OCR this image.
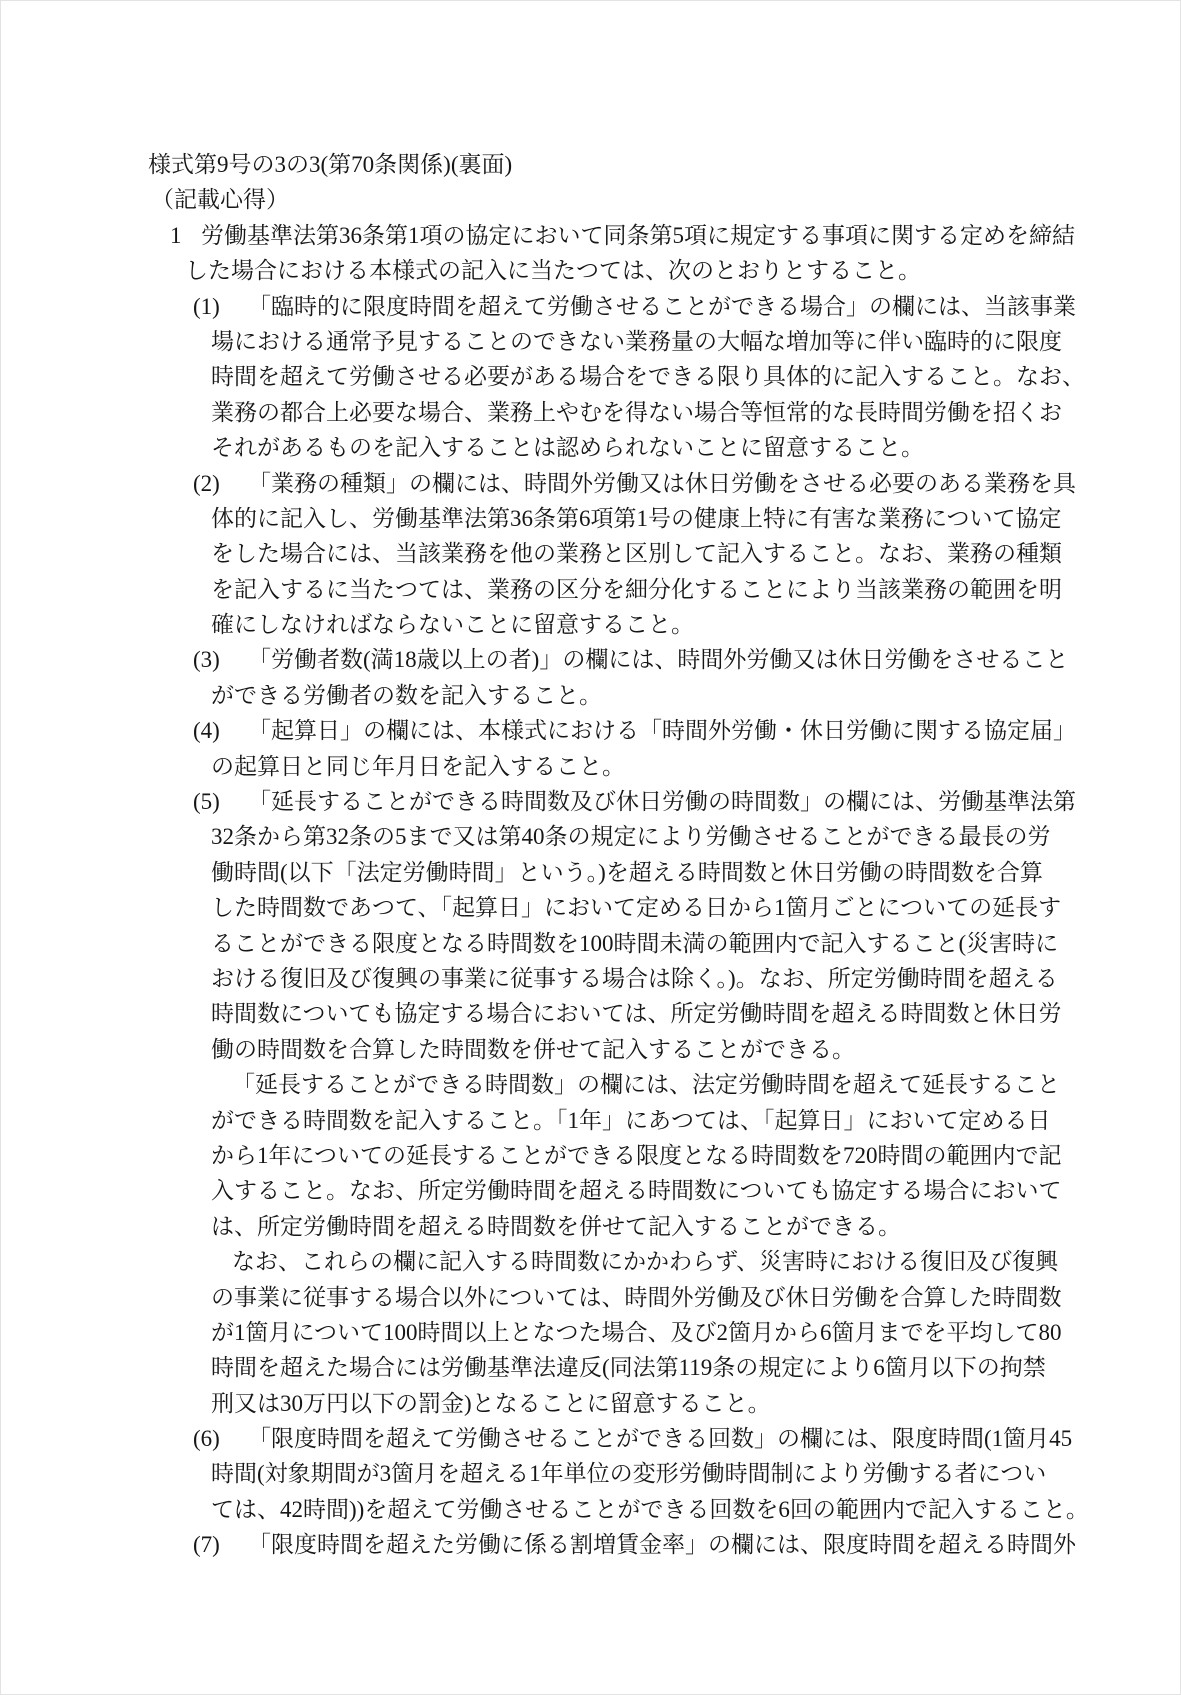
様式第9号の3の3(第70条関係)(裏面)
（記載心得）
1 労働基準法第36条第1項の協定において同条第5項に規定する事項に関する定めを締結
した場合における本様式の記入に当たつては、次のとおりとすること。
(1)	「臨時的に限度時間を超えて労働させることができる場合」の欄には、当該事業
場における通常予見することのできない業務量の大幅な増加等に伴い臨時的に限度
時間を超えて労働させる必要がある場合をできる限り具体的に記入すること。なお、
業務の都合上必要な場合、業務上やむを得ない場合等恒常的な長時間労働を招くお
それがあるものを記入することは認められないことに留意すること。
(2)	「業務の種類」の欄には、時間外労働又は休日労働をさせる必要のある業務を具
体的に記入し、労働基準法第36条第6項第1号の健康上特に有害な業務について協定
をした場合には、当該業務を他の業務と区別して記入すること。なお、業務の種類
を記入するに当たつては、業務の区分を細分化することにより当該業務の範囲を明
確にしなければならないことに留意すること。
(3)	「労働者数(満18歳以上の者)」の欄には、時間外労働又は休日労働をさせること
ができる労働者の数を記入すること。
(4)	「起算日」の欄には、本様式における「時間外労働・休日労働に関する協定届」
の起算日と同じ年月日を記入すること。
(5)	「延長することができる時間数及び休日労働の時間数」の欄には、労働基準法第
32条から第32条の5まで又は第40条の規定により労働させることができる最長の労
働時間(以下「法定労働時間」という。)を超える時間数と休日労働の時間数を合算
した時間数であつて、「起算日」において定める日から1箇月ごとについての延長す
ることができる限度となる時間数を100時間未満の範囲内で記入すること(災害時に
おける復旧及び復興の事業に従事する場合は除く。)。なお、所定労働時間を超える
時間数についても協定する場合においては、所定労働時間を超える時間数と休日労
働の時間数を合算した時間数を併せて記入することができる。
「延長することができる時間数」の欄には、法定労働時間を超えて延長すること
ができる時間数を記入すること。「1年」にあつては、「起算日」において定める日
から1年についての延長することができる限度となる時間数を720時間の範囲内で記
入すること。なお、所定労働時間を超える時間数についても協定する場合において
は、所定労働時間を超える時間数を併せて記入することができる。
なお、これらの欄に記入する時間数にかかわらず、災害時における復旧及び復興
の事業に従事する場合以外については、時間外労働及び休日労働を合算した時間数
が1箇月について100時間以上となつた場合、及び2箇月から6箇月までを平均して80
時間を超えた場合には労働基準法違反(同法第119条の規定により6箇月以下の拘禁
刑又は30万円以下の罰金)となることに留意すること。
(6)	「限度時間を超えて労働させることができる回数」の欄には、限度時間(1箇月45
時間(対象期間が3箇月を超える1年単位の変形労働時間制により労働する者につい
ては、42時間))を超えて労働させることができる回数を6回の範囲内で記入すること。
(7)	「限度時間を超えた労働に係る割増賃金率」の欄には、限度時間を超える時間外
